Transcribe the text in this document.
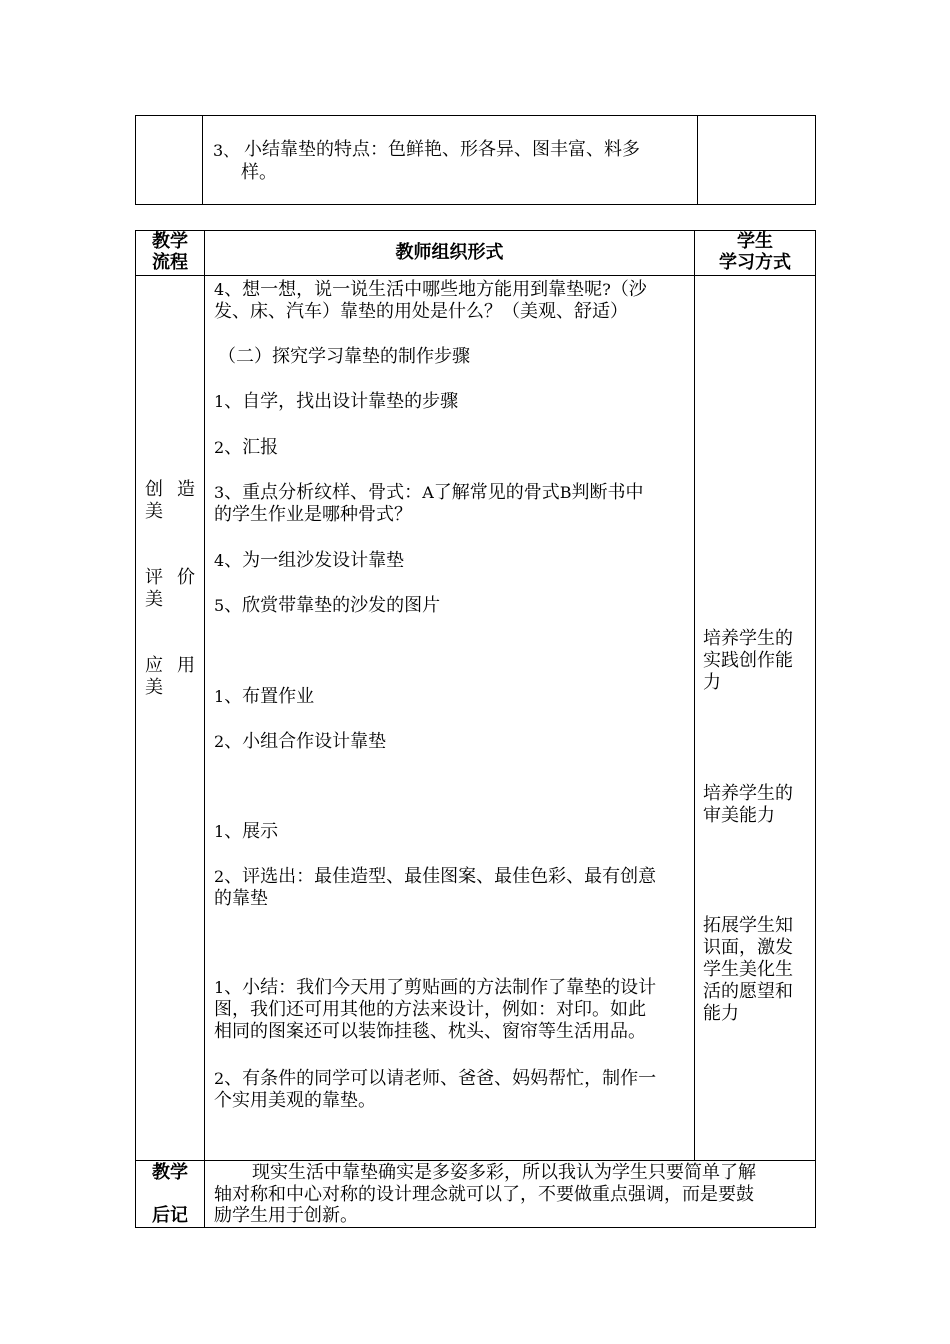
3、 小结靠垫的特点：色鲜艳、形各异、图丰富、料多
样。
教学
流程	教师组织形式
学生
学习方式
创 造
美
评 价
美
应 用
美
4、想一想，说一说生活中哪些地方能用到靠垫呢?（沙
发、床、汽车）靠垫的用处是什么？（美观、舒适）
（二）探究学习靠垫的制作步骤
1、自学，找出设计靠垫的步骤
2、汇报
3、重点分析纹样、骨式：A了解常见的骨式B判断书中
的学生作业是哪种骨式？
4、为一组沙发设计靠垫
5、欣赏带靠垫的沙发的图片
1、布置作业
2、小组合作设计靠垫
1、展示
2、评选出：最佳造型、最佳图案、最佳色彩、最有创意
的靠垫
1、小结：我们今天用了剪贴画的方法制作了靠垫的设计
图，我们还可用其他的方法来设计，例如：对印。如此
相同的图案还可以装饰挂毯、枕头、窗帘等生活用品。
2、有条件的同学可以请老师、爸爸、妈妈帮忙，制作一
个实用美观的靠垫。
培养学生的
实践创作能
力
培养学生的
审美能力
拓展学生知
识面，激发
学生美化生
活的愿望和
能力
教学
后记
现实生活中靠垫确实是多姿多彩，所以我认为学生只要简单了解
轴对称和中心对称的设计理念就可以了，不要做重点强调，而是要鼓
励学生用于创新。
